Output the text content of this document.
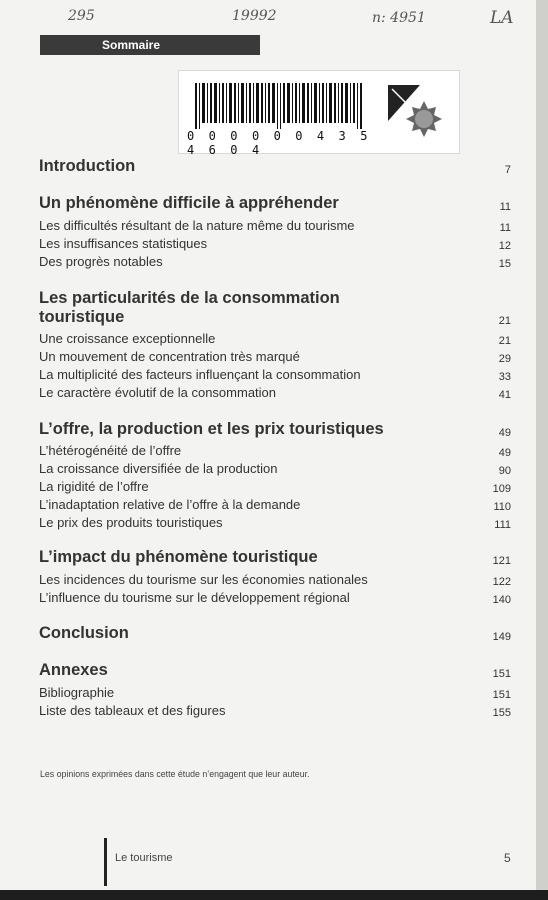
295	19992	n: 4951	LA
Sommaire
0 0 0 0 0 0 4 3 5 4 6 0 4
Introduction	7
Un phénomène difficile à appréhender	11
Les difficultés résultant de la nature même du tourisme	11
Les insuffisances statistiques	12
Des progrès notables	15
Les particularités de la consommation
touristique	21
Une croissance exceptionnelle	21
Un mouvement de concentration très marqué	29
La multiplicité des facteurs influençant la consommation	33
Le caractère évolutif de la consommation	41
L’offre, la production et les prix touristiques	49
L’hétérogénéité de l’offre	49
La croissance diversifiée de la production	90
La rigidité de l’offre	109
L’inadaptation relative de l’offre à la demande	110
Le prix des produits touristiques	111
L’impact du phénomène touristique	121
Les incidences du tourisme sur les économies nationales	122
L’influence du tourisme sur le développement régional	140
Conclusion	149
Annexes	151
Bibliographie	151
Liste des tableaux et des figures	155
Les opinions exprimées dans cette étude n’engagent que leur auteur.
Le tourisme	5
